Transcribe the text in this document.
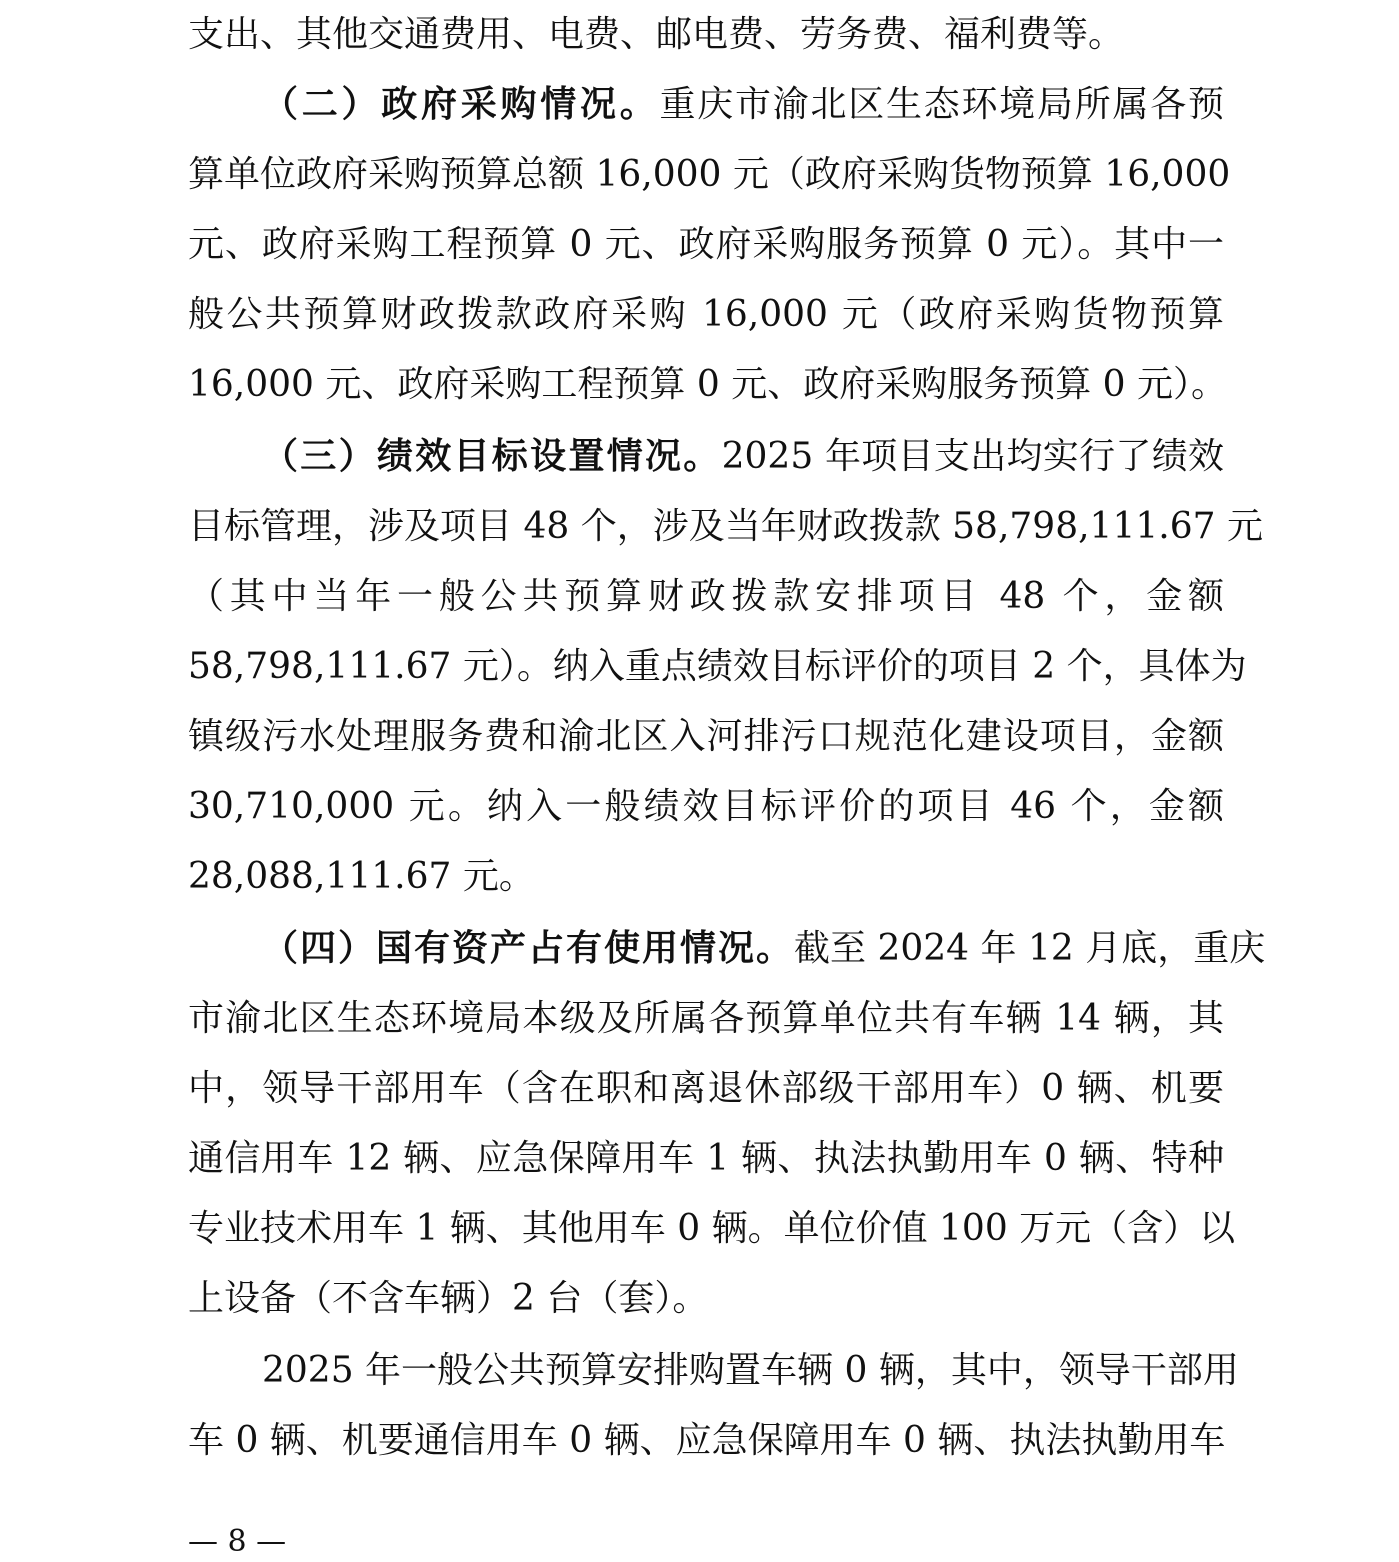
支出、其他交通费用、电费、邮电费、劳务费、福利费等。
（二）政府采购情况。重庆市渝北区生态环境局所属各预
算单位政府采购预算总额 16,000 元（政府采购货物预算 16,000
元、政府采购工程预算 0 元、政府采购服务预算 0 元）。其中一
般公共预算财政拨款政府采购 16,000 元（政府采购货物预算
16,000 元、政府采购工程预算 0 元、政府采购服务预算 0 元）。
（三）绩效目标设置情况。2025 年项目支出均实行了绩效
目标管理，涉及项目 48 个，涉及当年财政拨款 58,798,111.67 元
（其中当年一般公共预算财政拨款安排项目 48 个，金额
58,798,111.67 元）。纳入重点绩效目标评价的项目 2 个，具体为
镇级污水处理服务费和渝北区入河排污口规范化建设项目，金额
30,710,000 元。纳入一般绩效目标评价的项目 46 个，金额
28,088,111.67 元。
（四）国有资产占有使用情况。截至 2024 年 12 月底，重庆
市渝北区生态环境局本级及所属各预算单位共有车辆 14 辆，其
中，领导干部用车（含在职和离退休部级干部用车）0 辆、机要
通信用车 12 辆、应急保障用车 1 辆、执法执勤用车 0 辆、特种
专业技术用车 1 辆、其他用车 0 辆。单位价值 100 万元（含）以
上设备（不含车辆）2 台（套）。
2025 年一般公共预算安排购置车辆 0 辆，其中，领导干部用
车 0 辆、机要通信用车 0 辆、应急保障用车 0 辆、执法执勤用车
— 8 —
